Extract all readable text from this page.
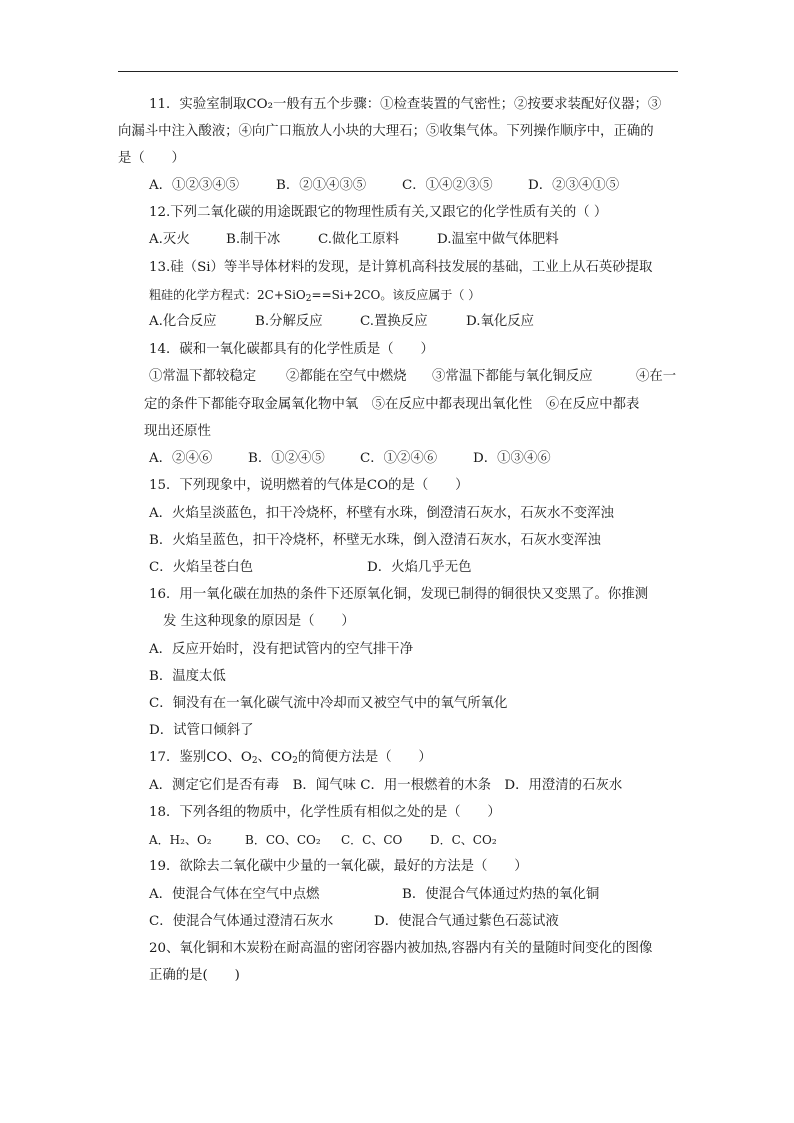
11．实验室制取CO₂一般有五个步骤：①检查装置的气密性；②按要求装配好仪器；③
向漏斗中注入酸液；④向广口瓶放人小块的大理石；⑤收集气体。下列操作顺序中，正确的
是（　　）
A．①②③④⑤	B．②①④③⑤	C．①④②③⑤	D．②③④①⑤
12.下列二氧化碳的用途既跟它的物理性质有关,又跟它的化学性质有关的（ ）
A.灭火	B.制干冰	C.做化工原料	D.温室中做气体肥料
13.硅（Si）等半导体材料的发现，是计算机高科技发展的基础，工业上从石英砂提取
粗硅的化学方程式：2C+SiO$_2$==Si+2CO。该反应属于（ ）
A.化合反应	B.分解反应	C.置换反应	D.氧化反应
14．碳和一氧化碳都具有的化学性质是（　　）
①常温下都较稳定 ②都能在空气中燃烧 ③常温下都能与氧化铜反应	④在一
定的条件下都能夺取金属氧化物中氧　⑤在反应中都表现出氧化性　⑥在反应中都表
现出还原性
A．②④⑥	B．①②④⑤	C．①②④⑥	D．①③④⑥
15．下列现象中，说明燃着的气体是CO的是（　　）
A．火焰呈淡蓝色，扣干冷烧杯，杯壁有水珠，倒澄清石灰水，石灰水不变浑浊
B．火焰呈蓝色，扣干冷烧杯，杯壁无水珠，倒入澄清石灰水，石灰水变浑浊
C．火焰呈苍白色	D．火焰几乎无色
16．用一氧化碳在加热的条件下还原氧化铜，发现已制得的铜很快又变黑了。你推测
发 生这种现象的原因是（　　）
A．反应开始时，没有把试管内的空气排干净
B．温度太低
C．铜没有在一氧化碳气流中冷却而又被空气中的氧气所氧化
D．试管口倾斜了
17．鉴别CO、$O_2$、$CO_2$的简便方法是（　　）
A．测定它们是否有毒　B．闻气味 C．用一根燃着的木条　D．用澄清的石灰水
18．下列各组的物质中，化学性质有相似之处的是（　　）
A．H₂、O₂	B．CO、CO₂ C．C、CO D．C、CO₂
19．欲除去二氧化碳中少量的一氧化碳，最好的方法是（　　）
A．使混合气体在空气中点燃	B．使混合气体通过灼热的氧化铜
C．使混合气体通过澄清石灰水	D．使混合气通过紫色石蕊试液
20、氧化铜和木炭粉在耐高温的密闭容器内被加热,容器内有关的量随时间变化的图像
正确的是(　　)
